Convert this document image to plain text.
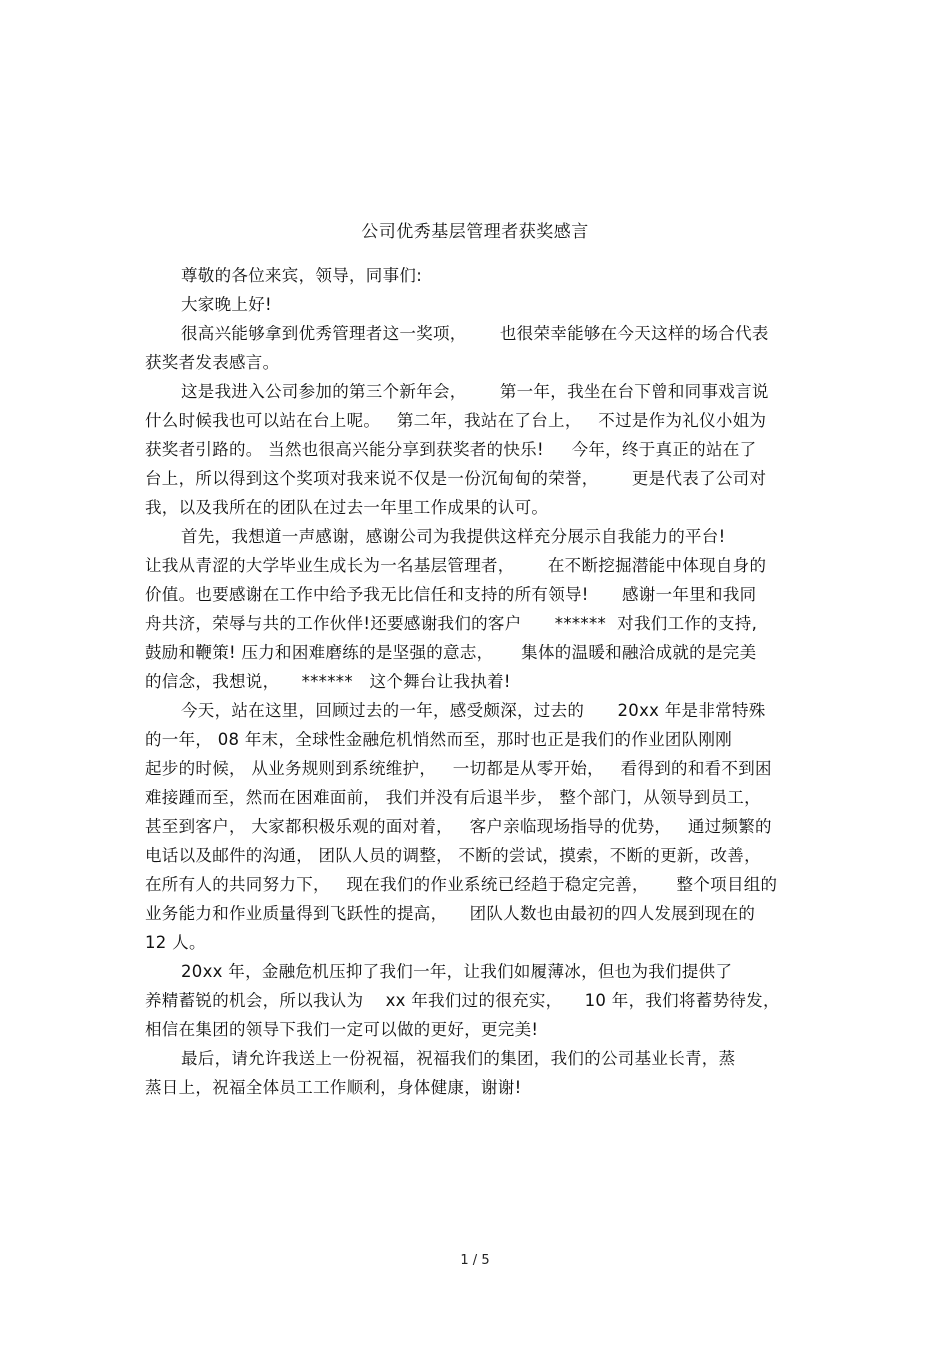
公司优秀基层管理者获奖感言
尊敬的各位来宾，领导，同事们:
大家晚上好!
很高兴能够拿到优秀管理者这一奖项，      也很荣幸能够在今天这样的场合代表
获奖者发表感言。
这是我进入公司参加的第三个新年会，      第一年，我坐在台下曾和同事戏言说
什么时候我也可以站在台上呢。   第二年，我站在了台上，   不过是作为礼仪小姐为
获奖者引路的。 当然也很高兴能分享到获奖者的快乐!     今年，终于真正的站在了
台上，所以得到这个奖项对我来说不仅是一份沉甸甸的荣誉，      更是代表了公司对
我，以及我所在的团队在过去一年里工作成果的认可。
首先，我想道一声感谢，感谢公司为我提供这样充分展示自我能力的平台!
让我从青涩的大学毕业生成长为一名基层管理者，      在不断挖掘潜能中体现自身的
价值。也要感谢在工作中给予我无比信任和支持的所有领导!      感谢一年里和我同
舟共济，荣辱与共的工作伙伴!还要感谢我们的客户      ******  对我们工作的支持,
鼓励和鞭策! 压力和困难磨练的是坚强的意志，     集体的温暖和融洽成就的是完美
的信念，我想说，    ******   这个舞台让我执着!
今天，站在这里，回顾过去的一年，感受颇深，过去的      20xx 年是非常特殊
的一年， 08 年末，全球性金融危机悄然而至，那时也正是我们的作业团队刚刚
起步的时候， 从业务规则到系统维护，   一切都是从零开始，   看得到的和看不到困
难接踵而至，然而在困难面前， 我们并没有后退半步， 整个部门，从领导到员工，
甚至到客户， 大家都积极乐观的面对着，   客户亲临现场指导的优势，   通过频繁的
电话以及邮件的沟通， 团队人员的调整， 不断的尝试，摸索，不断的更新，改善，
在所有人的共同努力下，   现在我们的作业系统已经趋于稳定完善，     整个项目组的
业务能力和作业质量得到飞跃性的提高，    团队人数也由最初的四人发展到现在的
12 人。
20xx 年，金融危机压抑了我们一年，让我们如履薄冰，但也为我们提供了
养精蓄锐的机会，所以我认为    xx 年我们过的很充实，    10 年，我们将蓄势待发，
相信在集团的领导下我们一定可以做的更好，更完美!
最后，请允许我送上一份祝福，祝福我们的集团，我们的公司基业长青，蒸
蒸日上，祝福全体员工工作顺利，身体健康，谢谢!
1 / 5
